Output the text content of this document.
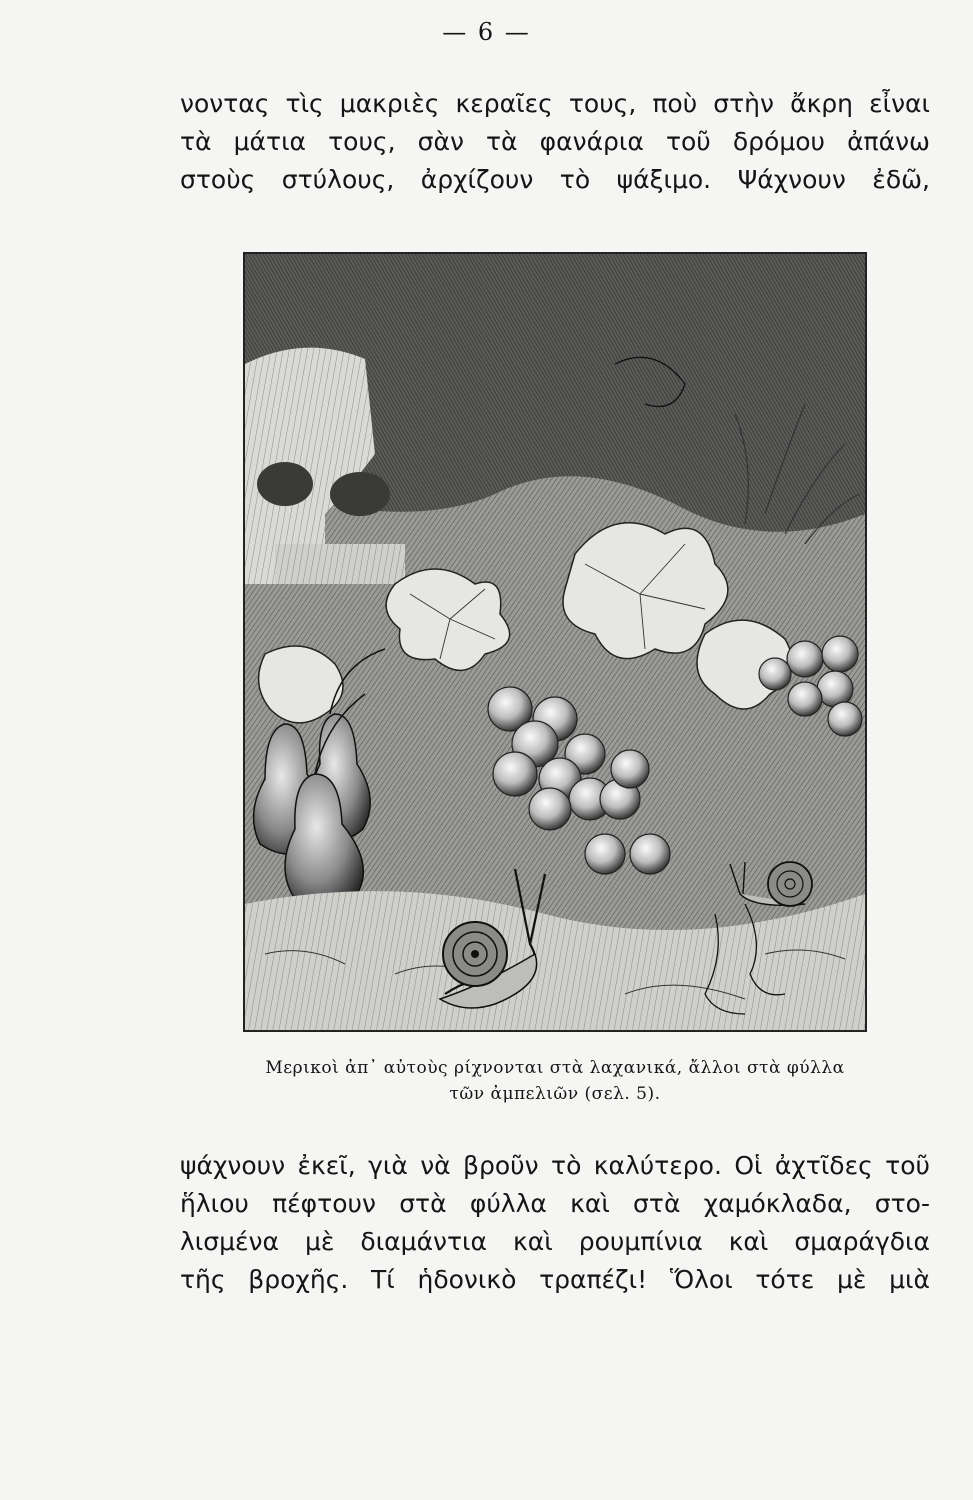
— 6 —
νοντας τὶς μακριὲς κεραῖες τους, ποὺ στὴν ἄκρη εἶναι
τὰ μάτια τους, σὰν τὰ φανάρια τοῦ δρόμου ἀπάνω
στοὺς στύλους, ἀρχίζουν τὸ ψάξιμο. Ψάχνουν ἐδῶ,
Μερικοὶ ἀπ᾽ αὐτοὺς ρίχνονται στὰ λαχανικά, ἄλλοι στὰ φύλλα
τῶν ἀμπελιῶν (σελ. 5).
ψάχνουν ἐκεῖ, γιὰ νὰ βροῦν τὸ καλύτερο. Οἱ ἀχτῖδες τοῦ
ἥλιου πέφτουν στὰ φύλλα καὶ στὰ χαμόκλαδα, στο-
λισμένα μὲ διαμάντια καὶ ρουμπίνια καὶ σμαράγδια
τῆς βροχῆς. Τί ἡδονικὸ τραπέζι! Ὅλοι τότε μὲ μιὰ
